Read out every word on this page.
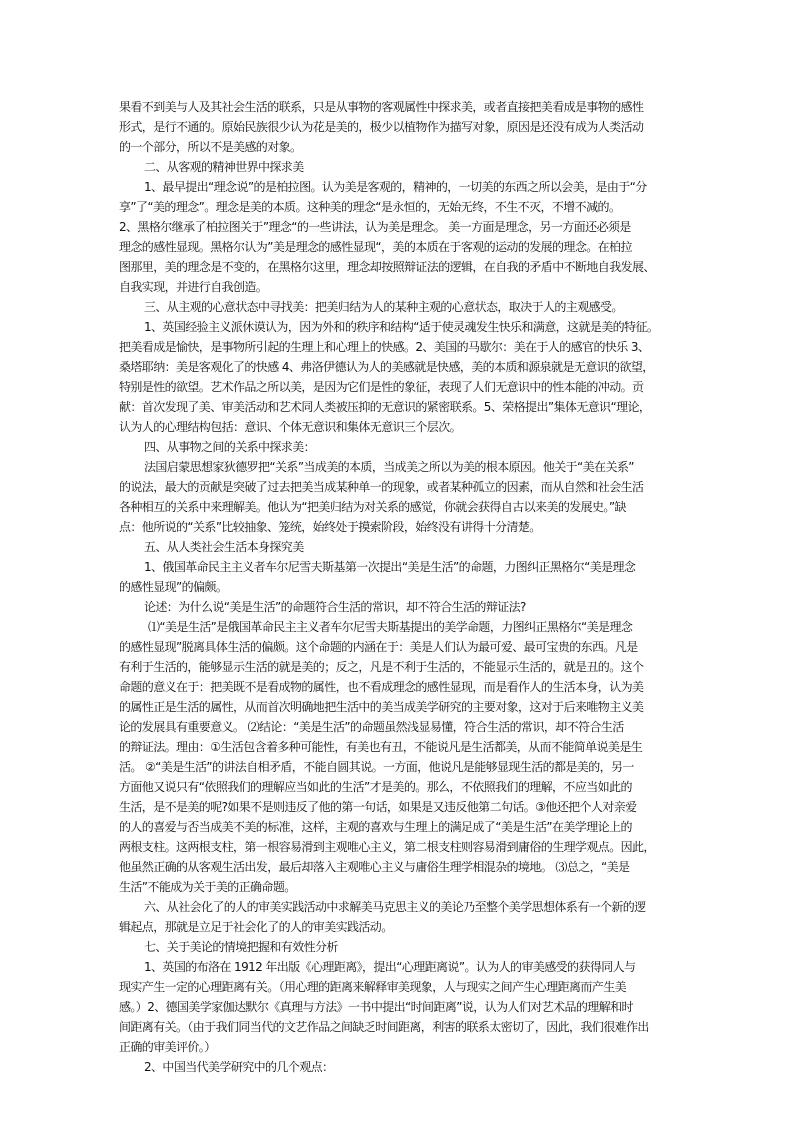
果看不到美与人及其社会生活的联系，只是从事物的客观属性中探求美，或者直接把美看成是事物的感性
形式，是行不通的。原始民族很少认为花是美的，极少以植物作为描写对象，原因是还没有成为人类活动
的一个部分，所以不是美感的对象。
二、从客观的精神世界中探求美
1、最早提出“理念说”的是柏拉图。认为美是客观的，精神的，一切美的东西之所以会美，是由于“分
享”了“美的理念”。理念是美的本质。这种美的理念“是永恒的，无始无终，不生不灭，不增不减的。
2、黑格尔继承了柏拉图关于”理念“的一些讲法，认为美是理念。 美一方面是理念，另一方面还必须是
理念的感性显现。黑格尔认为”美是理念的感性显现“，美的本质在于客观的运动的发展的理念。在柏拉
图那里，美的理念是不变的，在黑格尔这里，理念却按照辩证法的逻辑，在自我的矛盾中不断地自我发展、
自我实现，并进行自我创造。
三、从主观的心意状态中寻找美：把美归结为人的某种主观的心意状态，取决于人的主观感受。
1、英国经验主义派休谟认为，因为外和的秩序和结构“适于使灵魂发生快乐和满意，这就是美的特征。
把美看成是愉快，是事物所引起的生理上和心理上的快感。2、美国的马歇尔：美在于人的感官的快乐 3、
桑塔耶纳：美是客观化了的快感 4、弗洛伊德认为人的美感就是快感，美的本质和源泉就是无意识的欲望，
特别是性的欲望。艺术作品之所以美，是因为它们是性的象征，表现了人们无意识中的性本能的冲动。贡
献：首次发现了美、审美活动和艺术同人类被压抑的无意识的紧密联系。5、荣格提出”集体无意识“理论，
认为人的心理结构包括：意识、个体无意识和集体无意识三个层次。
四、从事物之间的关系中探求美：
法国启蒙思想家狄德罗把“关系”当成美的本质，当成美之所以为美的根本原因。他关于“美在关系”
的说法，最大的贡献是突破了过去把美当成某种单一的现象，或者某种孤立的因素，而从自然和社会生活
各种相互的关系中来理解美。他认为“把美归结为对关系的感觉，你就会获得自古以来美的发展史。”缺
点：他所说的“关系”比较抽象、笼统，始终处于摸索阶段，始终没有讲得十分清楚。
五、从人类社会生活本身探究美
1、俄国革命民主主义者车尔尼雪夫斯基第一次提出“美是生活”的命题，力图纠正黑格尔“美是理念
的感性显现”的偏颇。
论述：为什么说“美是生活”的命题符合生活的常识，却不符合生活的辩证法?
⑴“美是生活”是俄国革命民主主义者车尔尼雪夫斯基提出的美学命题，力图纠正黑格尔“美是理念
的感性显现”脱离具体生活的偏颇。这个命题的内涵在于：美是人们认为最可爱、最可宝贵的东西。凡是
有利于生活的，能够显示生活的就是美的；反之，凡是不利于生活的，不能显示生活的，就是丑的。这个
命题的意义在于：把美既不是看成物的属性，也不看成理念的感性显现，而是看作人的生活本身，认为美
的属性正是生活的属性，从而首次明确地把生活中的美当成美学研究的主要对象，这对于后来唯物主义美
论的发展具有重要意义。 ⑵结论：“美是生活”的命题虽然浅显易懂，符合生活的常识，却不符合生活
的辩证法。理由：①生活包含着多种可能性，有美也有丑，不能说凡是生活都美，从而不能简单说美是生
活。 ②“美是生活”的讲法自相矛盾，不能自圆其说。一方面，他说凡是能够显现生活的都是美的，另一
方面他又说只有“依照我们的理解应当如此的生活”才是美的。那么，不依照我们的理解，不应当如此的
生活，是不是美的呢?如果不是则违反了他的第一句话，如果是又违反他第二句话。③他还把个人对亲爱
的人的喜爱与否当成美不美的标准，这样，主观的喜欢与生理上的满足成了“美是生活”在美学理论上的
两根支柱。这两根支柱，第一根容易滑到主观唯心主义，第二根支柱则容易滑到庸俗的生理学观点。因此，
他虽然正确的从客观生活出发，最后却落入主观唯心主义与庸俗生理学相混杂的境地。 ⑶总之，“美是
生活”不能成为关于美的正确命题。
六、从社会化了的人的审美实践活动中求解美马克思主义的美论乃至整个美学思想体系有一个新的逻
辑起点，那就是立足于社会化了的人的审美实践活动。
七、关于美论的情境把握和有效性分析
1、英国的布洛在 1912 年出版《心理距离》，提出“心理距离说”。认为人的审美感受的获得同人与
现实产生一定的心理距离有关。（用心理的距离来解释审美现象，人与现实之间产生心理距离而产生美
感。）2、德国美学家伽达默尔《真理与方法》一书中提出“时间距离”说，认为人们对艺术品的理解和时
间距离有关。（由于我们同当代的文艺作品之间缺乏时间距离，利害的联系太密切了，因此，我们很难作出
正确的审美评价。）
2、中国当代美学研究中的几个观点：
